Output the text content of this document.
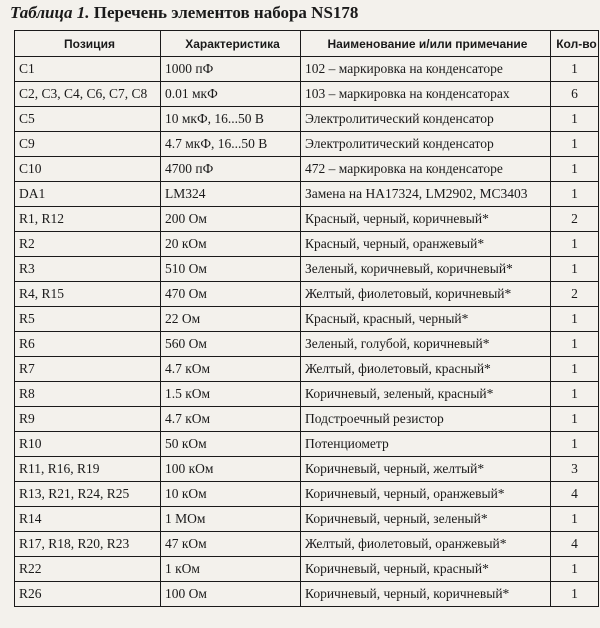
Таблица 1. Перечень элементов набора NS178
Позиция	Характеристика	Наименование и/или примечание	Кол-во
C1	1000 пФ	102 – маркировка на конденсаторе	1
C2, C3, C4, C6, C7, C8	0.01 мкФ	103 – маркировка на конденсаторах	6
C5	10 мкФ, 16...50 В	Электролитический конденсатор	1
C9	4.7 мкФ, 16...50 В	Электролитический конденсатор	1
C10	4700 пФ	472 – маркировка на конденсаторе	1
DA1	LM324	Замена на HA17324, LM2902, MC3403	1
R1, R12	200 Ом	Красный, черный, коричневый*	2
R2	20 кОм	Красный, черный, оранжевый*	1
R3	510 Ом	Зеленый, коричневый, коричневый*	1
R4, R15	470 Ом	Желтый, фиолетовый, коричневый*	2
R5	22 Ом	Красный, красный, черный*	1
R6	560 Ом	Зеленый, голубой, коричневый*	1
R7	4.7 кОм	Желтый, фиолетовый, красный*	1
R8	1.5 кОм	Коричневый, зеленый, красный*	1
R9	4.7 кОм	Подстроечный резистор	1
R10	50 кОм	Потенциометр	1
R11, R16, R19	100 кОм	Коричневый, черный, желтый*	3
R13, R21, R24, R25	10 кОм	Коричневый, черный, оранжевый*	4
R14	1 МОм	Коричневый, черный, зеленый*	1
R17, R18, R20, R23	47 кОм	Желтый, фиолетовый, оранжевый*	4
R22	1 кОм	Коричневый, черный, красный*	1
R26	100 Ом	Коричневый, черный, коричневый*	1
